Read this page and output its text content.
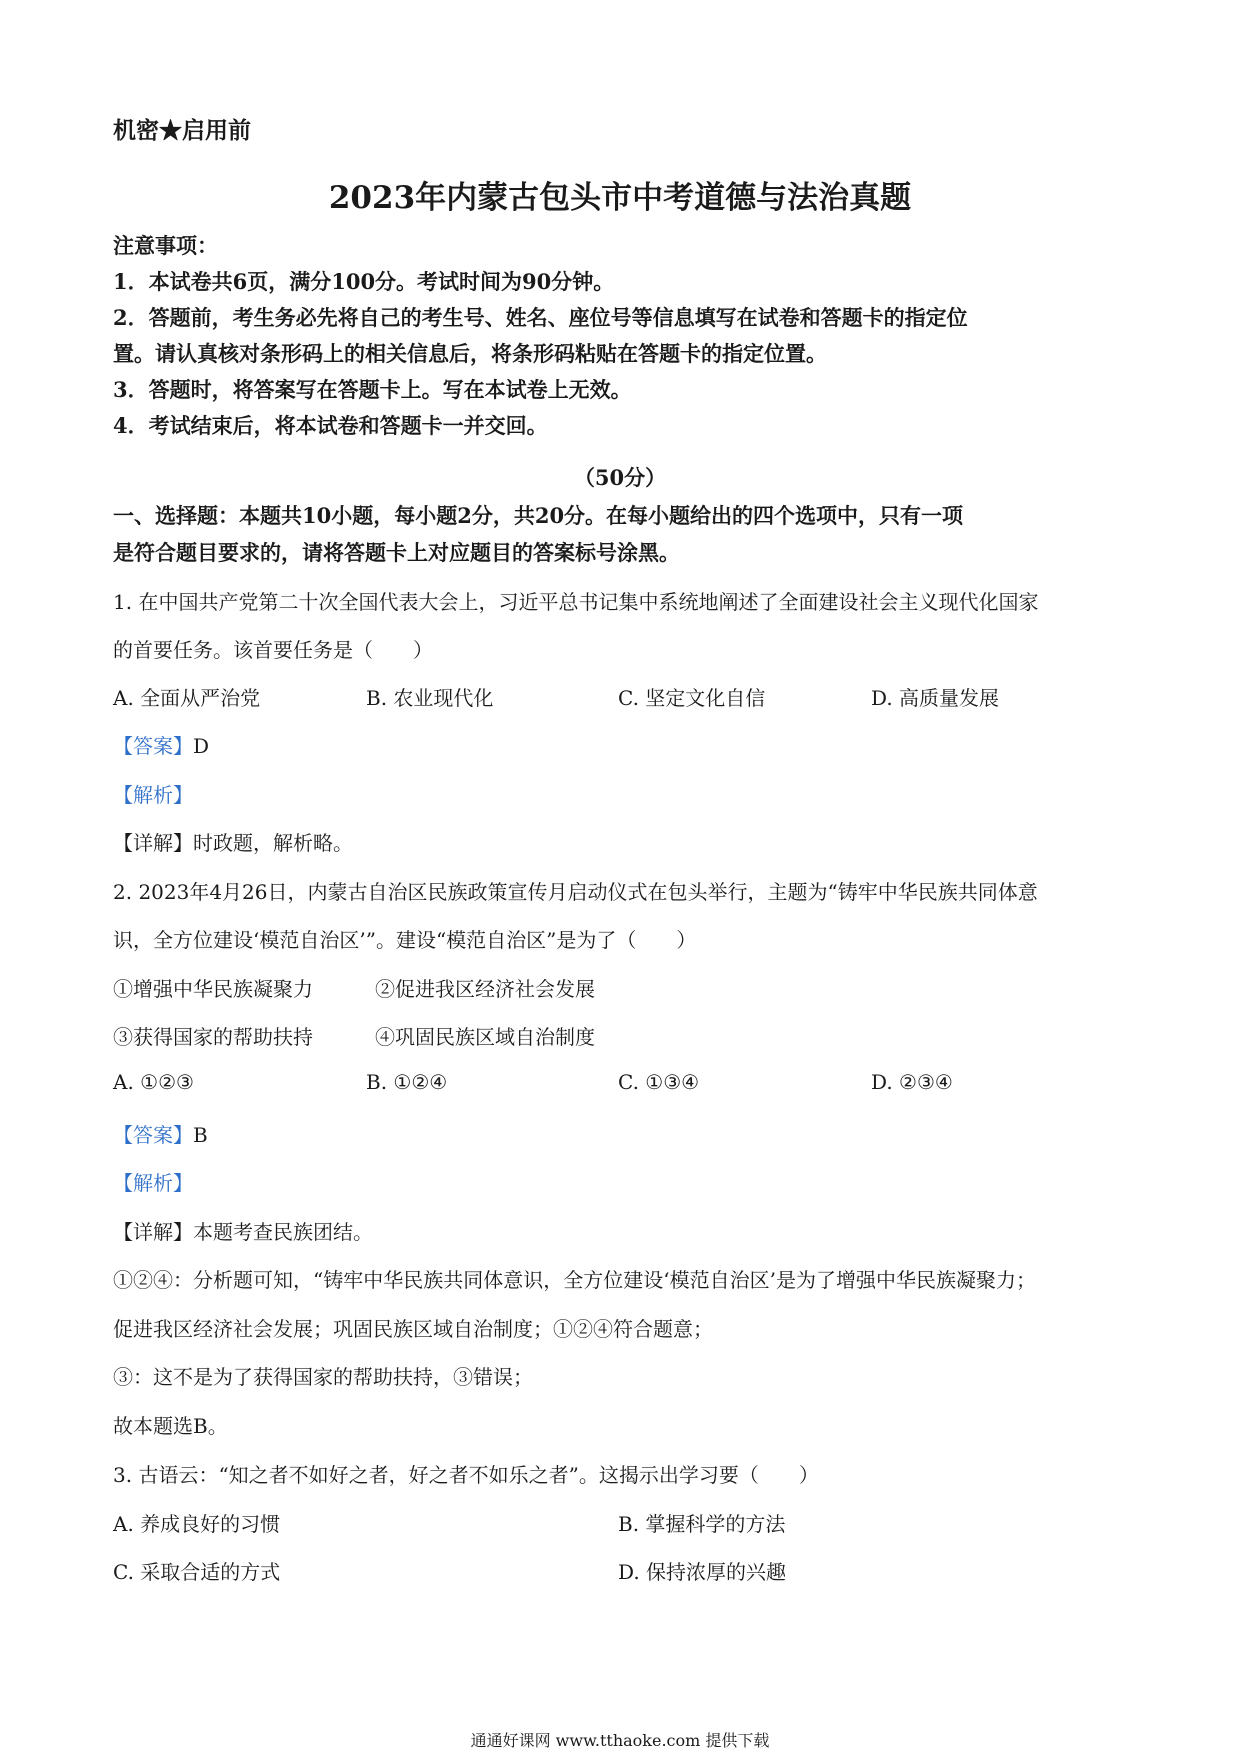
机密★启用前
2023年内蒙古包头市中考道德与法治真题
注意事项：
1．本试卷共6页，满分100分。考试时间为90分钟。
2．答题前，考生务必先将自己的考生号、姓名、座位号等信息填写在试卷和答题卡的指定位
置。请认真核对条形码上的相关信息后，将条形码粘贴在答题卡的指定位置。
3．答题时，将答案写在答题卡上。写在本试卷上无效。
4．考试结束后，将本试卷和答题卡一并交回。
（50分）
一、选择题：本题共10小题，每小题2分，共20分。在每小题给出的四个选项中，只有一项
是符合题目要求的，请将答题卡上对应题目的答案标号涂黑。
1. 在中国共产党第二十次全国代表大会上，习近平总书记集中系统地阐述了全面建设社会主义现代化国家
的首要任务。该首要任务是（　　）
A. 全面从严治党	B. 农业现代化	C. 坚定文化自信	D. 高质量发展
【答案】D
【解析】
【详解】时政题，解析略。
2. 2023年4月26日，内蒙古自治区民族政策宣传月启动仪式在包头举行，主题为“铸牢中华民族共同体意
识，全方位建设‘模范自治区’”。建设“模范自治区”是为了（　　）
①增强中华民族凝聚力	②促进我区经济社会发展
③获得国家的帮助扶持	④巩固民族区域自治制度
A. ①②③	B. ①②④	C. ①③④	D. ②③④
【答案】B
【解析】
【详解】本题考查民族团结。
①②④：分析题可知，“铸牢中华民族共同体意识，全方位建设‘模范自治区’是为了增强中华民族凝聚力；
促进我区经济社会发展；巩固民族区域自治制度；①②④符合题意；
③：这不是为了获得国家的帮助扶持，③错误；
故本题选B。
3. 古语云：“知之者不如好之者，好之者不如乐之者”。这揭示出学习要（　　）
A. 养成良好的习惯	B. 掌握科学的方法
C. 采取合适的方式	D. 保持浓厚的兴趣
通通好课网 www.tthaoke.com 提供下载
